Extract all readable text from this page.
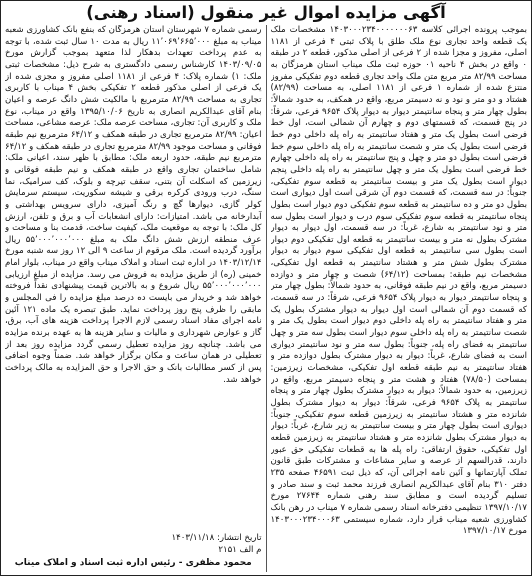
آگهی مزایده اموال غیر منقول (اسناد رهنی)
بموجب پرونده اجرائی کلاسه ۱۴۰۳۰۰۰۲۳۴۰۰۰۰۰۰۰۶۳ مشخصات ملک یک قطعه واحد تجاری نوع ملک طلق با پلاک ثبتی ۴ فرعی از ۱۱۸۱ اصلی، مفروز و مجزا شده از ۲ فرعی از اصلی مذکور، قطعه ۲ در طبقه ۰ واقع در بخش ۴ ناحیه ۰۱ حوزه ثبت ملک میناب استان هرمزگان به مساحت ۸۲/۹۹ متر مربع متن ملک واحد تجاری قطعه دوم تفکیکی مفروز منتزع شده از شماره ۱ فرعی از ۱۱۸۱ اصلی، به مساحت (۸۲/۹۹) هشتاد و دو متر و نود و نه دسیمتر مربع، واقع در همکف، به حدود شمالاً: بطول چهار متر و پنجاه سانتیمتر دیوار به دیوار پلاک ۹۶۵۴ فرعی، شرقاً: در پنج قسمت، که قسمتهای دوم و چهارم آن شمالی است، اول خط فرضی است بطول یک متر و هفتاد سانتیمتر به راه پله داخلی دوم خط فرضی است بطول یک متر و شصت سانتیمتر به راه پله داخلی سوم خط فرضی است بطول دو متر و چهل و پنج سانتیمتر به راه پله داخلی چهارم خط فرضی است بطول یک متر و چهل سانتیمتر به راه پله داخلی پنجم دیوار است بطول یک متر و بیست سانتیمتر به قطعه سوم تفکیکی، جنوباً: در سه قسمت، که قسمت دوم آن شرقی است اول دیواری است بطول دو متر و ده سانتیمتر به قطعه سوم تفکیکی دوم دیوار است بطول پنجاه سانتیمتر به قطعه سوم تفکیکی سوم درب و دیوار است بطول سه متر و نود سانتیمتر به شارع، غرباً: در سه قسمت، اول دیوار به دیوار مشترک بطول نه متر و بیست سانتیمتر به قطعه اول تفکیکی دوم دیوار است بطول سی سانتیمتر به قطعه اول تفکیکی سوم دیوار به دیوار مشترک بطول شش متر و هشتاد سانتیمتر به قطعه اول تفکیکی، مشخصات نیم طبقه: بمساحت (۶۴/۱۲) شصت و چهار متر و دوازده دسیمتر مربع، واقع در نیم طبقه فوقانی، به حدود شمالاً: بطول چهار متر و پنجاه سانتیمتر دیوار به دیوار پلاک ۹۶۵۴ فرعی، شرقاً: در سه قسمت، که قسمت دوم آن شمالی است اول دیوار به دیوار مشترک بطول یک متر و هفتاد سانتیمتر به راه پله داخلی دوم دیوار است بطول یک متر و شصت سانتیمتر به راه پله داخلی سوم دیوار است بطول سه متر و چهل سانتیمتر به فضای راه پله، جنوباً: بطول سه متر و نود سانتیمتر دیواری است به فضای شارع، غرباً: دیوار به دیوار مشترک بطول دوازده متر و هفتاد سانتیمتر به نیم طبقه قطعه اول تفکیکی، مشخصات زیرزمین: بمساحت (۷۸/۵۰) هفتاد و هشت متر و پنجاه دسیمتر مربع، واقع در زیرزمین، به حدود شمالاً: دیوار به دیوار مشترک بطول چهار متر و پنجاه سانتیمتر به پلاک ۹۶۵۴ فرعی، شرقاً: دیوار به دیوار مشترک بطول شانزده متر و هشتاد سانتیمتر به زیرزمین قطعه سوم تفکیکی، جنوباً: دیواری است بطول چهار متر و بیست سانتیمتر به زیر شارع، غرباً: دیوار به دیوار مشترک بطول شانزده متر و هشتاد سانتیمتر به زیرزمین قطعه اول تفکیکی، حقوق ارتفاقی: راه پله ها به قطعات تفکیکی حق عبور دارند، قدرالسهم از عرصه و سایر مشاعات و مشترکات طبق قانون تملک آپارتمانها و آئین نامه اجرائی آن، که ذیل ثبت ۴۶۵۹۱ صفحه ۲۳۵ دفتر ۳۱۰ بنام آقای عبدالکریم انصاری فرزند محمد ثبت و سند صادر و تسلیم گردیده است و مطابق سند رهنی شماره ۲۷۶۴۴ مورخ ۱۳۹۷/۱۰/۱۷ تنظیمی دفترخانه اسناد رسمی شماره ۷ میناب در رهن بانک کشاورزی شعبه میناب قرار دارد، شماره سیستمی ۱۴۰۳۰۰۰۲۳۴۰۰۰۶۳ مورخ ۱۳۹۷/۱۰/۱۷
رسمی شماره ۷ شهرستان استان هرمزگان که بنفع بانک کشاورزی شعبه میناب به مبلغ ۱۱٬۰۶۹٬۶۶۵٬۰۰۰ ریال به مدت ۱۰ سال ثبت شده، با توجه به عدم پرداخت تعهدات بدهکار لذا متعهد بموجب گزارش مورخ ۱۴۰۳/۰۹/۰۵ کارشناس رسمی دادگستری به شرح ذیل: مشخصات ثبتی ملک: ۱) شماره پلاک: ۴ فرعی از ۱۱۸۱ اصلی مفروز و مجزی شده از یک فرعی از اصلی مذکور قطعه ۲ تفکیکی بخش ۴ میناب با کاربری تجاری به مساحت ۸۲/۹۹ مترمربع با مالکیت شش دانگ عرصه و اعیان بنام آقای عبدالکریم انصاری به تاریخ ۱۳۹۵/۱۰/۰۶ واقع در میناب، نوع ملک و کاربری آن: تجاری، مساحت عرصه ملک: عرصه مشاعی، مساحت اعیان: ۸۲/۹۹ مترمربع تجاری در طبقه همکف و ۶۴/۱۲ مترمربع نیم طبقه فوقانی و مساحت موجود ۸۲/۹۹ مترمربع تجاری در طبقه همکف و ۶۴/۱۲ مترمربع نیم طبقه، حدود اربعه ملک: مطابق با ظهر سند، اعیانی ملک: شامل ساختمان تجاری واقع در طبقه همکف و نیم طبقه فوقانی و زیرزمین که اسکلت آن بتنی، سقف تیرچه و بلوک، کف سرامیک، نما سنگ، درب ورودی کرکره برقی و شیشه سکوریت، سیستم سرمایش کولر گازی، دیوارها گچ و رنگ آمیزی، دارای سرویس بهداشتی و آبدارخانه می باشد. امتیازات: دارای انشعابات آب و برق و تلفن، ارزش کل ملک: با توجه به موقعیت ملک، کیفیت ساخت، قدمت بنا و مساحت و عرف منطقه ارزش شش دانگ ملک به مبلغ ۵۵٬۰۰۰٬۰۰۰٬۰۰۰ ریال برآورد گردیده است. ملک مرقوم از ساعت ۹ الی ۱۲ روز سه شنبه مورخ ۱۴۰۳/۱۲/۱۴ در اداره ثبت اسناد و املاک میناب واقع در میناب، بلوار امام خمینی (ره) از طریق مزایده به فروش می رسد. مزایده از مبلغ ارزیابی ۵۵٬۰۰۰٬۰۰۰٬۰۰۰ ریال شروع و به بالاترین قیمت پیشنهادی نقداً فروخته خواهد شد و خریدار می بایست ده درصد مبلغ مزایده را فی المجلس و مابقی را ظرف پنج روز پرداخت نماید. طبق تبصره یک ماده ۱۲۱ آئین نامه اجرای مفاد اسناد رسمی لازم الاجرا پرداخت هزینه های آب، برق، گاز و عوارض شهرداری و مالیات و سایر هزینه ها به عهده برنده مزایده می باشد. چنانچه روز مزایده تعطیل رسمی گردد مزایده روز بعد از تعطیلی در همان ساعت و مکان برگزار خواهد شد. ضمناً وجوه اضافی پس از کسر مطالبات بانک و حق الاجرا و حق المزایده به مالک پرداخت خواهد شد.
تاریخ انتشار: ۱۴۰۳/۱۱/۱۸
م الف ۲۱۵۱
محمود مظفری - رئیس اداره ثبت اسناد و املاک میناب
